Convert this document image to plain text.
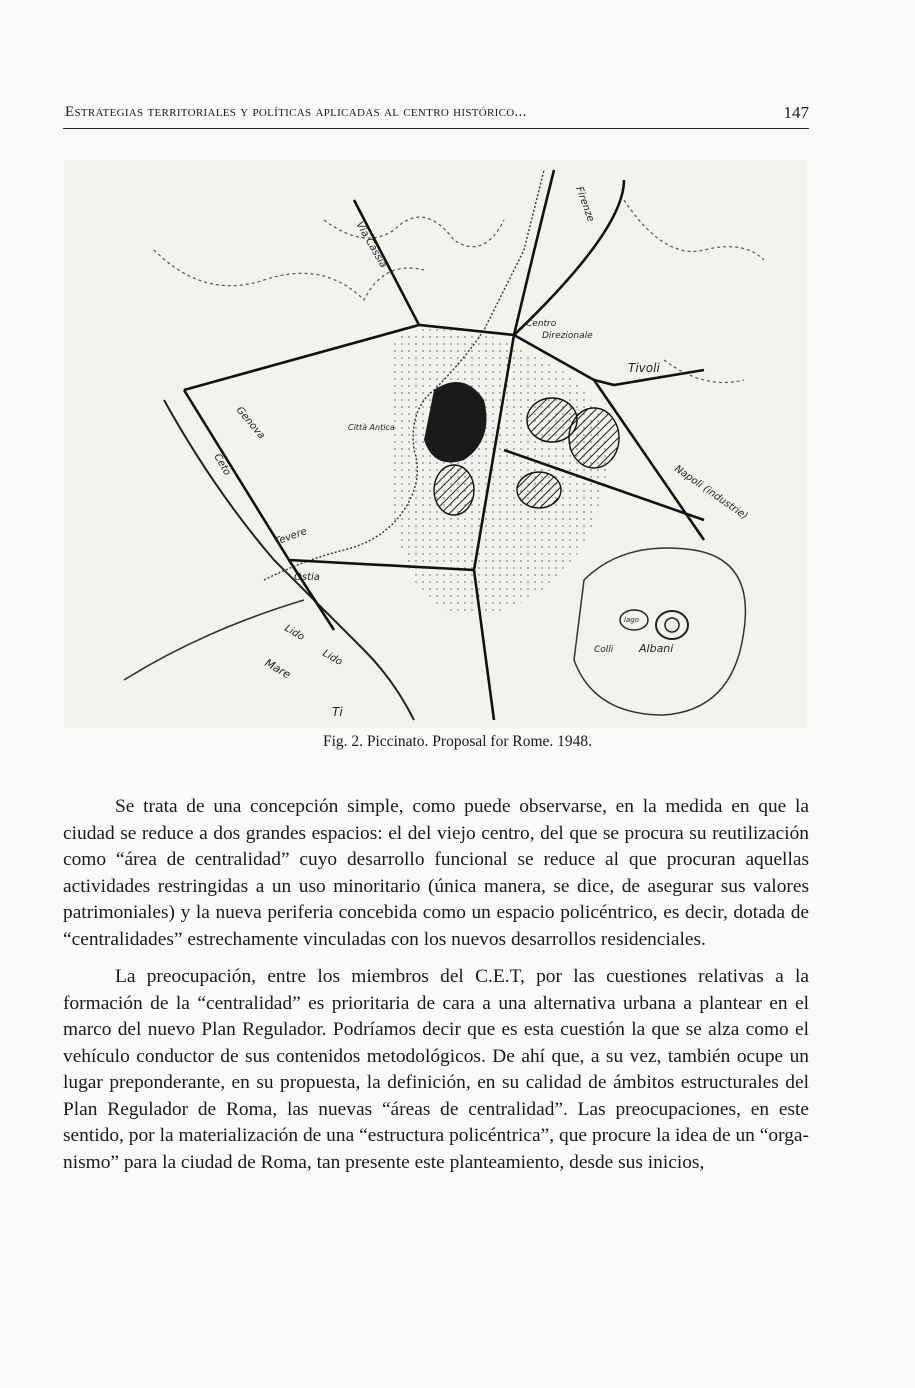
Estrategias territoriales y políticas aplicadas al centro histórico...	147
Via Cassia
Firenze
Centro
Direzionale
Tivoli
Città Antica
Genova
Napoli (industrie)
Tevere
Ostia
Lido
Lido
Mare
Colli
lago
Albani
Ti
Ceto
Fig. 2. Piccinato. Proposal for Rome. 1948.

Se trata de una concepción simple, como puede observarse, en la medida en que la ciudad se reduce a dos grandes espacios: el del viejo centro, del que se procura su reutilización como “área de centralidad” cuyo desarrollo funcional se reduce al que procuran aquellas actividades restringidas a un uso minoritario (única manera, se dice, de asegurar sus valores patrimoniales) y la nueva periferia concebida como un espacio policéntrico, es decir, dotada de “centralidades” estrechamente vinculadas con los nuevos desarrollos residenciales.

La preocupación, entre los miembros del C.E.T, por las cuestiones relativas a la formación de la “centralidad” es prioritaria de cara a una alternativa urbana a plantear en el marco del nuevo Plan Regulador. Podríamos decir que es esta cuestión la que se alza como el vehículo conductor de sus contenidos metodológicos. De ahí que, a su vez, también ocupe un lugar preponderante, en su propuesta, la definición, en su calidad de ámbitos estructurales del Plan Regulador de Roma, las nuevas “áreas de centralidad”. Las preocupaciones, en este sentido, por la materialización de una “estructura policéntrica”, que procure la idea de un “organismo” para la ciudad de Roma, tan presente este planteamiento, desde sus inicios,
